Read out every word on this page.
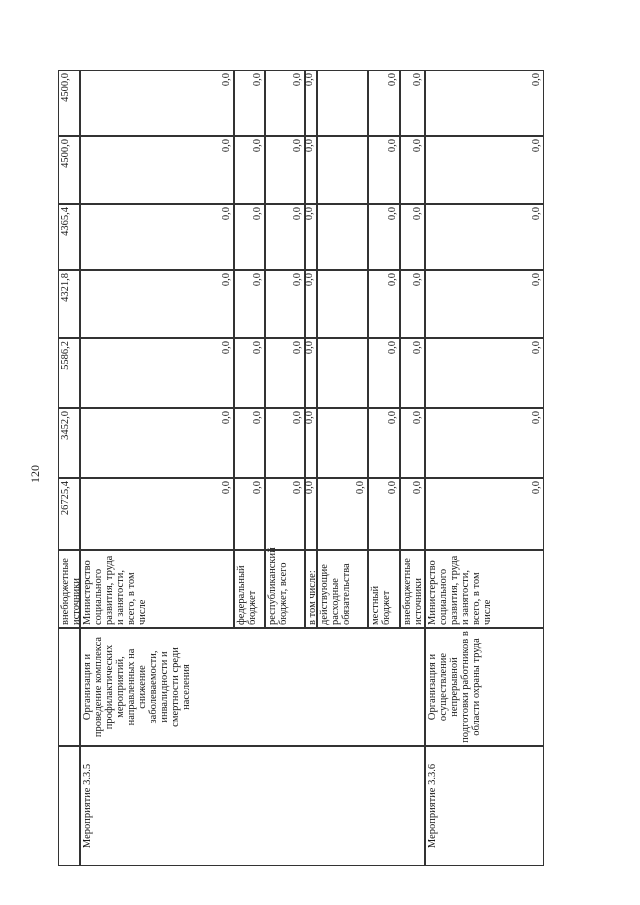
120
внебюджетные источники
26725,4
3452,0
5586,2
4321,8
4365,4
4500,0
4500,0
Мероприятие 3.3.5
Организация и проведение комплекса профилактических мероприятий, направленных на снижение заболеваемости, инвалидности и смертности среди населения
Министерство социального развития, труда и занятости, всего, в том числе
0,0
0,0
0,0
0,0
0,0
0,0
0,0
федеральный бюджет
0,0
0,0
0,0
0,0
0,0
0,0
0,0
республиканский бюджет, всего
0,0
0,0
0,0
0,0
0,0
0,0
0,0
в том числе:
0,0
0,0
0,0
0,0
0,0
0,0
0,0
действующие расходные обязательства
0,0
местный бюджет
0,0
0,0
0,0
0,0
0,0
0,0
0,0
внебюджетные источники
0,0
0,0
0,0
0,0
0,0
0,0
0,0
Мероприятие 3.3.6
Организация и осуществление непрерывной подготовки работников в области охраны труда
Министерство социального развития, труда и занятости, всего, в том числе
0,0
0,0
0,0
0,0
0,0
0,0
0,0
